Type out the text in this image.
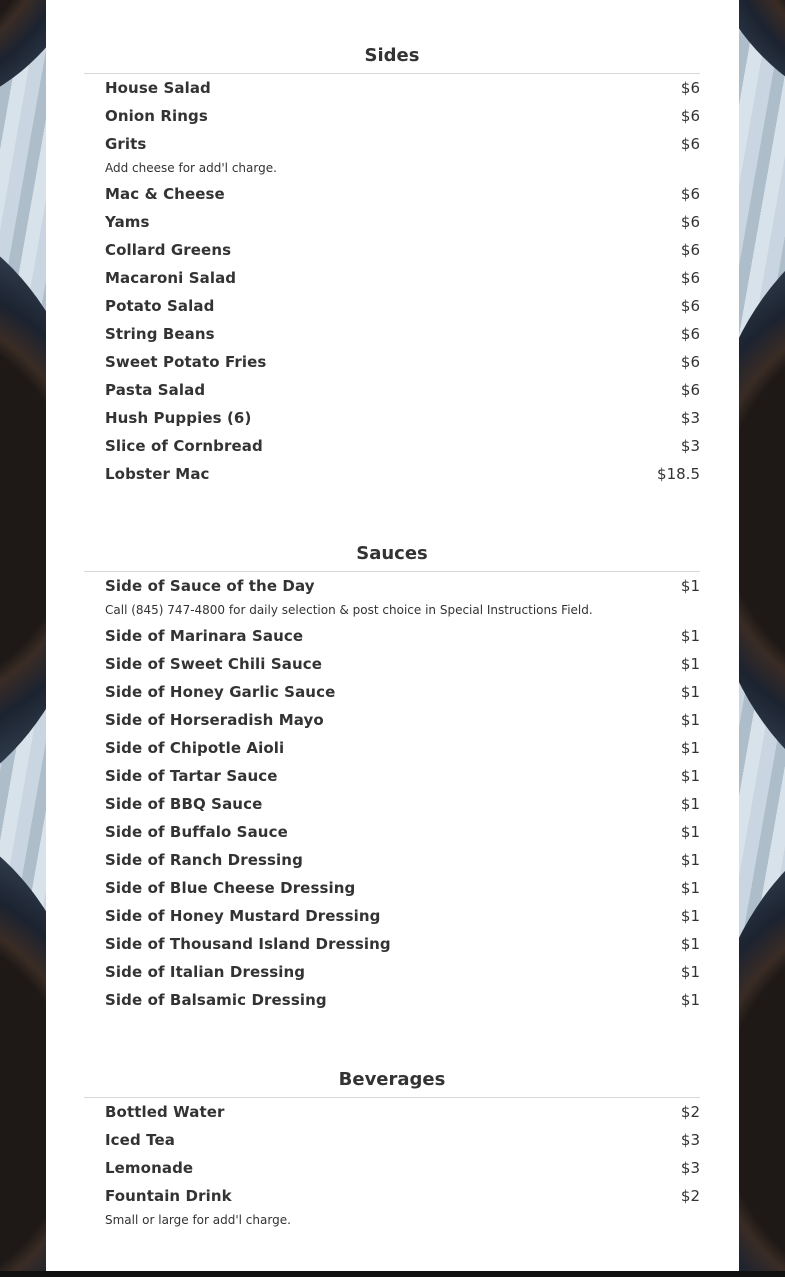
Sides
House Salad	$6
Onion Rings	$6
Grits	$6
Add cheese for add'l charge.
Mac & Cheese	$6
Yams	$6
Collard Greens	$6
Macaroni Salad	$6
Potato Salad	$6
String Beans	$6
Sweet Potato Fries	$6
Pasta Salad	$6
Hush Puppies (6)	$3
Slice of Cornbread	$3
Lobster Mac	$18.5
Sauces
Side of Sauce of the Day	$1
Call (845) 747-4800 for daily selection & post choice in Special Instructions Field.
Side of Marinara Sauce	$1
Side of Sweet Chili Sauce	$1
Side of Honey Garlic Sauce	$1
Side of Horseradish Mayo	$1
Side of Chipotle Aioli	$1
Side of Tartar Sauce	$1
Side of BBQ Sauce	$1
Side of Buffalo Sauce	$1
Side of Ranch Dressing	$1
Side of Blue Cheese Dressing	$1
Side of Honey Mustard Dressing	$1
Side of Thousand Island Dressing	$1
Side of Italian Dressing	$1
Side of Balsamic Dressing	$1
Beverages
Bottled Water	$2
Iced Tea	$3
Lemonade	$3
Fountain Drink	$2
Small or large for add'l charge.
